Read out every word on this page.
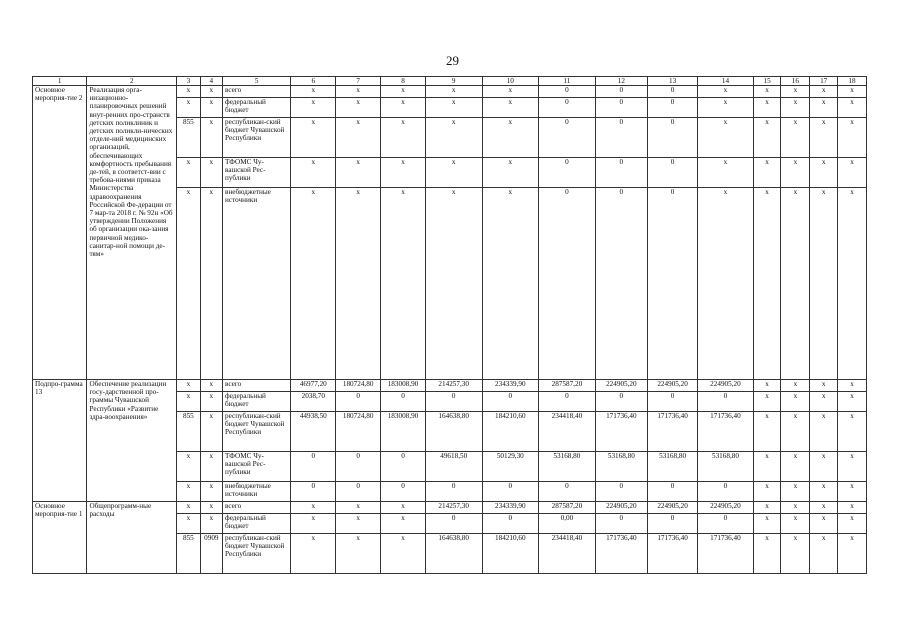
29
1	2	3	4	5	6	7	8	9	10	11	12	13	14	15	16	17	18
Основное мероприя-тие 2	Реализация орга-низационно-планировочных решений внут-ренних про-странств детских поликлиник и детских поликли-нических отделе-ний медицинских организаций, обеспечивающих комфортность пребывания де-тей, в соответст-вии с требова-ниями приказа Министерства здравоохранения Российской Фе-дерации от 7 мар-та 2018 г. № 92н «Об утверждении Положения об организации ока-зания первичной медико-санитар-ной помощи де-тям»	x	x	всего	x	x	x	x	x	0	0	0	x	x	x	x	x
		x	x	федеральный бюджет	x	x	x	x	x	0	0	0	x	x	x	x	x
		855	x	республикан-ский бюджет Чувашской Республики	x	x	x	x	x	0	0	0	x	x	x	x	x
		x	x	ТФОМС Чу-вашской Рес-публики	x	x	x	x	x	0	0	0	x	x	x	x	x
		x	x	внебюджетные источники	x	x	x	x	x	0	0	0	x	x	x	x	x
Подпро-грамма 13	Обеспечение реализации госу-дарственной про-граммы Чувашской Республики «Развитие здра-воохранения»	x	x	всего	46977,20	180724,80	183008,90	214257,30	234339,90	287587,20	224905,20	224905,20	224905,20	x	x	x	x
		x	x	федеральный бюджет	2038,70	0	0	0	0	0	0	0	0	x	x	x	x
		855	x	республикан-ский бюджет Чувашской Республики	44938,50	180724,80	183008,90	164638,80	184210,60	234418,40	171736,40	171736,40	171736,40	x	x	x	x
		x	x	ТФОМС Чу-вашской Рес-публики	0	0	0	49618,50	50129,30	53168,80	53168,80	53168,80	53168,80	x	x	x	x
		x	x	внебюджетные источники	0	0	0	0	0	0	0	0	0	x	x	x	x
Основное мероприя-тие 1	Общепрограмм-ные расходы	x	x	всего	x	x	x	214257,30	234339,90	287587,20	224905,20	224905,20	224905,20	x	x	x	x
		x	x	федеральный бюджет	x	x	x	0	0	0,00	0	0	0	x	x	x	x
		855	0909	республикан-ский бюджет Чувашской Республики	x	x	x	164638,80	184210,60	234418,40	171736,40	171736,40	171736,40	x	x	x	x
